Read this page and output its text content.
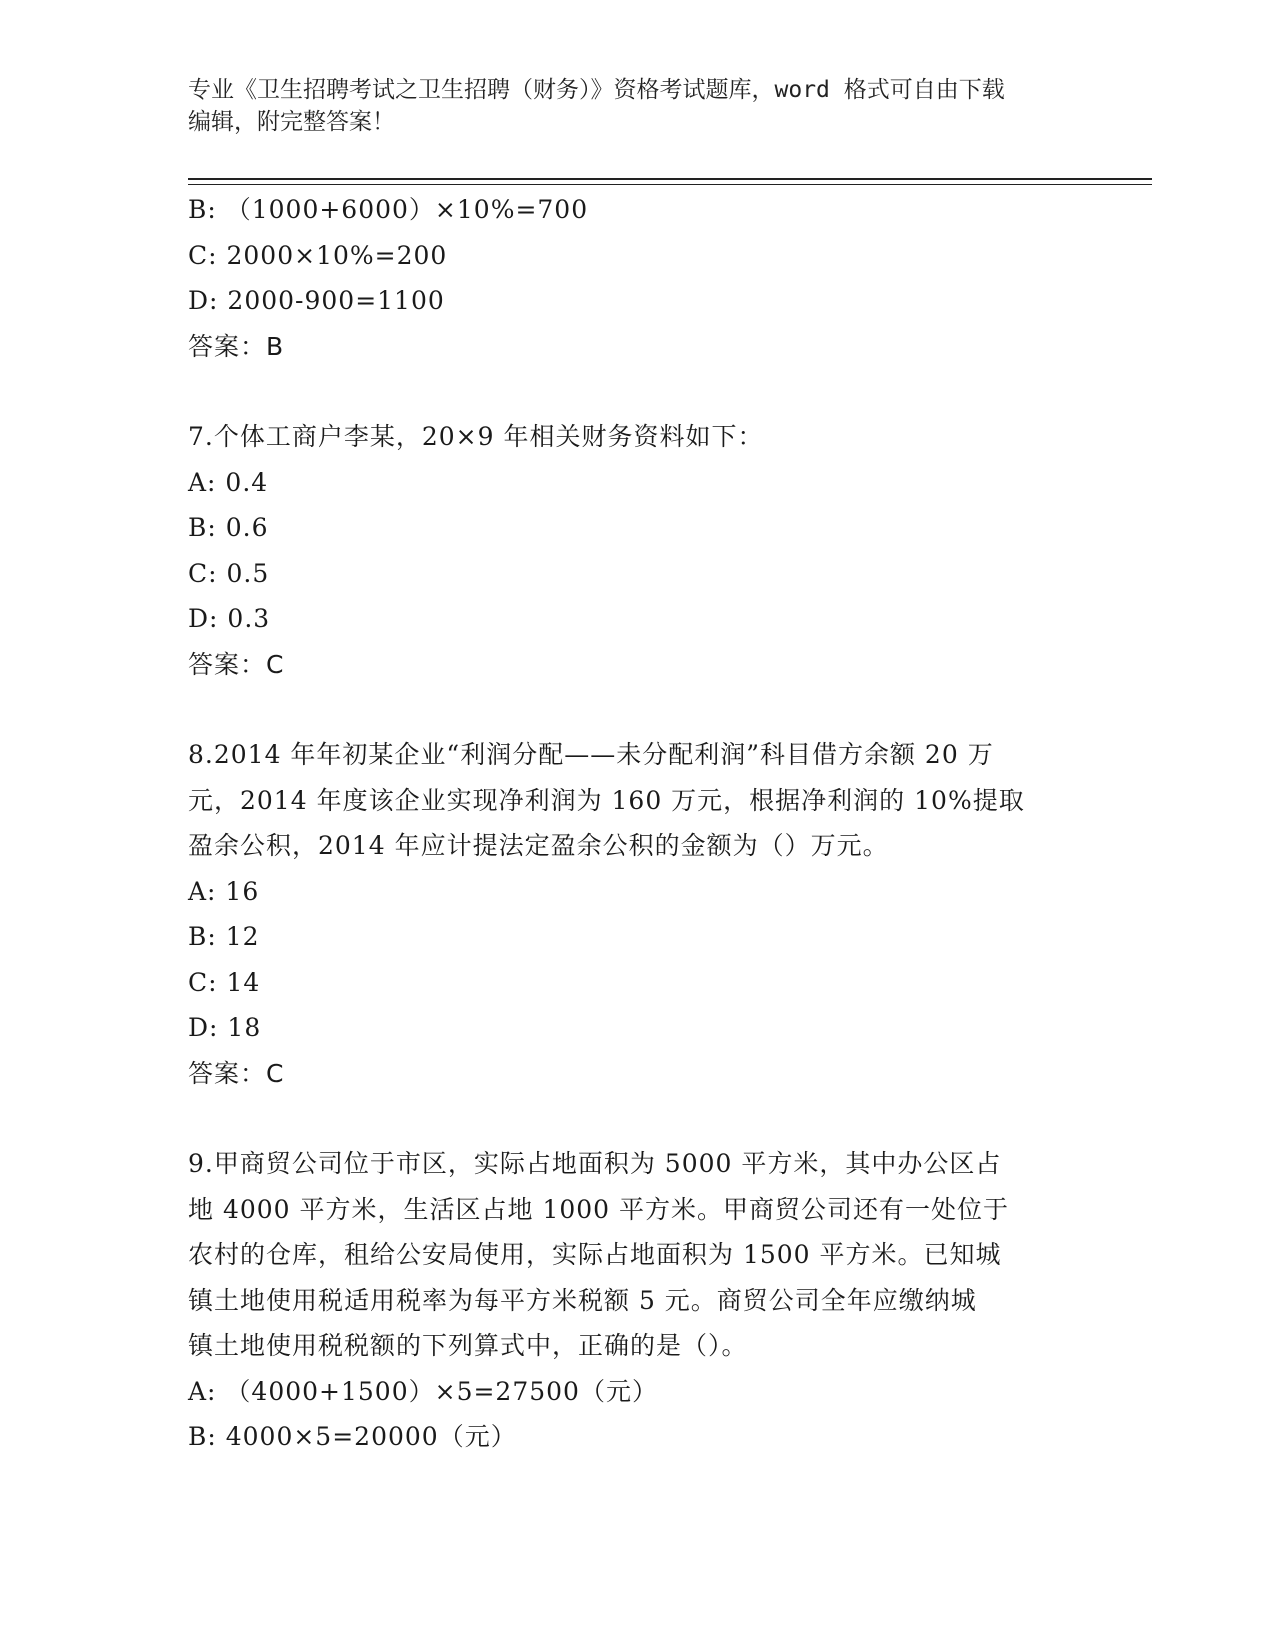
专业《卫生招聘考试之卫生招聘（财务）》资格考试题库，word 格式可自由下载
编辑，附完整答案！
B: （1000+6000）×10%=700
C: 2000×10%=200
D: 2000-900=1100
答案：B
7.个体工商户李某，20×9 年相关财务资料如下：
A: 0.4
B: 0.6
C: 0.5
D: 0.3
答案：C
8.2014 年年初某企业“利润分配——未分配利润”科目借方余额 20 万
元，2014 年度该企业实现净利润为 160 万元，根据净利润的 10%提取
盈余公积，2014 年应计提法定盈余公积的金额为（）万元。
A: 16
B: 12
C: 14
D: 18
答案：C
9.甲商贸公司位于市区，实际占地面积为 5000 平方米，其中办公区占
地 4000 平方米，生活区占地 1000 平方米。甲商贸公司还有一处位于
农村的仓库，租给公安局使用，实际占地面积为 1500 平方米。已知城
镇土地使用税适用税率为每平方米税额 5 元。商贸公司全年应缴纳城
镇土地使用税税额的下列算式中，正确的是（）。
A: （4000+1500）×5=27500（元）
B: 4000×5=20000（元）
